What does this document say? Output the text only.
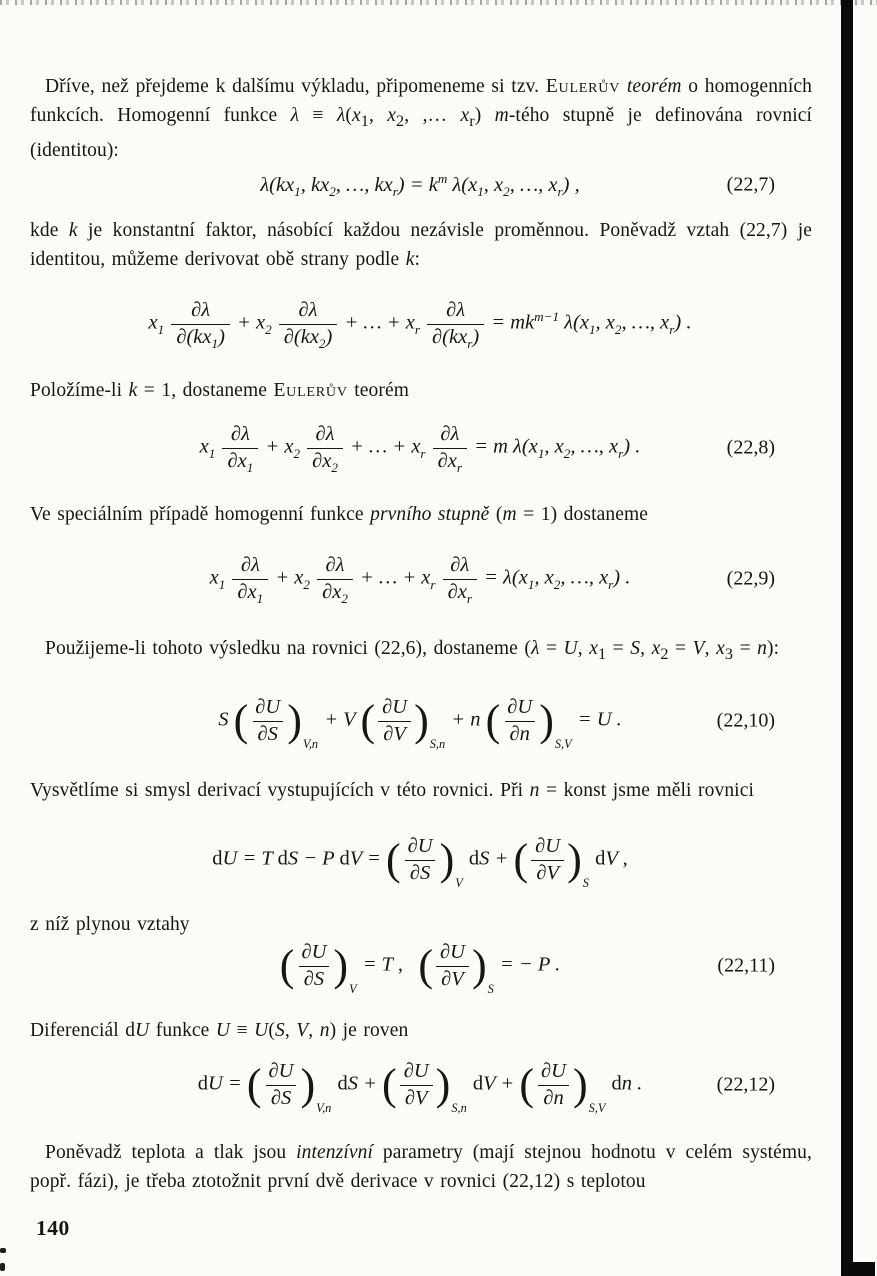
Dříve, než přejdeme k dalšímu výkladu, připomeneme si tzv. Eulerův teorém o homogenních funkcích. Homogenní funkce $\lambda \equiv \lambda(x_1$, $x_2$, ,… $x_r$) m-tého stupně je definována rovnicí (identitou):

$\lambda(kx_1$, $kx_2$, …, $kx_r) = k^m$ $\lambda(x_1$, $x_2$, …, $x_r$) ,	(22,7)

kde k je konstantní faktor, násobící každou nezávisle proměnnou. Poněvadž vztah (22,7) je identitou, můžeme derivovat obě strany podle k:

$x_1 \frac{\partial\lambda}{\partial(kx_1)} + x_2 \frac{\partial\lambda}{\partial(kx_2)}$ + … + $x_r$
∂λ
$\partial(kx_r)$
= $mk^{m-1}$ $\lambda(x_1$, $x_2$, …, $x_r$) .

Položíme-li k = 1, dostaneme Eulerův teorém

$x_1 \frac{\partial\lambda}{\partial x_1} + x_2 \frac{\partial\lambda}{\partial x_2}$ + … + $x_r \frac{\partial\lambda}{\partial x_r} = m$ $\lambda(x_1$, $x_2$, …, $x_r$) .	(22,8)

Ve speciálním případě homogenní funkce prvního stupně (m = 1) dostaneme

$x_1 \frac{\partial\lambda}{\partial x_1} + x_2 \frac{\partial\lambda}{\partial x_2}$ + … + $x_r \frac{\partial\lambda}{\partial x_r} = \lambda(x_1$, $x_2$, …, $x_r$) .	(22,9)

Použijeme-li tohoto výsledku na rovnici (22,6), dostaneme (λ = U, $x_1 = S$, $x_2 = V$, $x_3 = n$):

S ( ∂U
∂S ) V,n
+ V ( ∂U
∂V ) S,n
+ n ( ∂U
∂n ) S,V
= U .	(22,10)

Vysvětlíme si smysl derivací vystupujících v této rovnici. Při n = konst jsme měli rovnici

dU = T dS − P dV = ( ∂U
∂S ) V
dS + ( ∂U
∂V ) S
dV ,

z níž plynou vztahy

( ∂U
∂S ) V
= T , ( ∂U
∂V ) S
= − P .	(22,11)

Diferenciál dU funkce U ≡ U(S, V, n) je roven

dU = ( ∂U
∂S ) V,n
dS + ( ∂U
∂V ) S,n
dV + ( ∂U
∂n ) S,V
dn .	(22,12)

Poněvadž teplota a tlak jsou intenzívní parametry (mají stejnou hodnotu v celém systému, popř. fázi), je třeba ztotožnit první dvě derivace v rovnici (22,12) s teplotou

140
